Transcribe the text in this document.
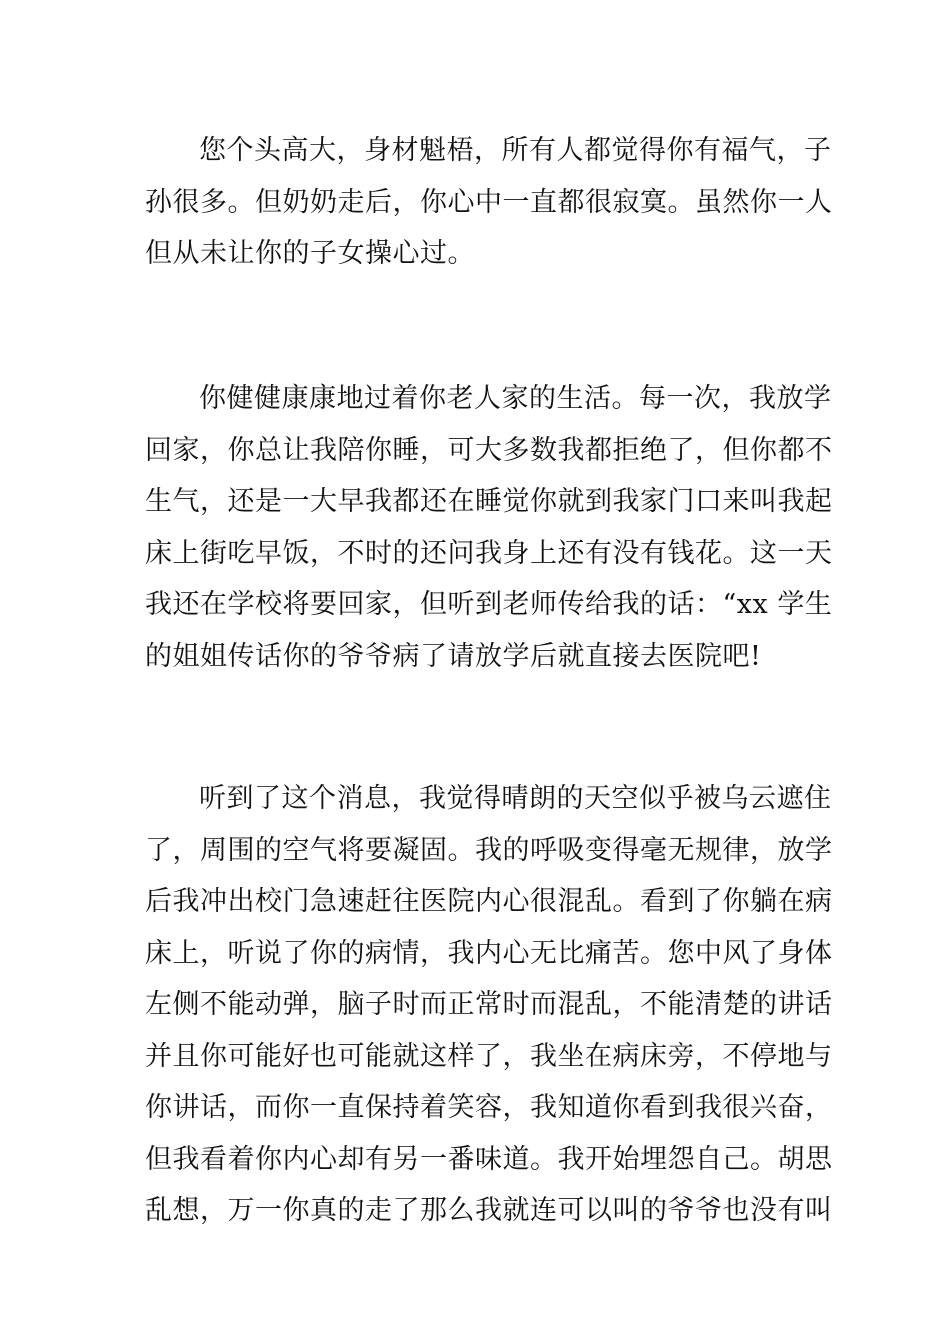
您个头高大，身材魁梧，所有人都觉得你有福气，子
孙很多。但奶奶走后，你心中一直都很寂寞。虽然你一人
但从未让你的子女操心过。

你健健康康地过着你老人家的生活。每一次，我放学
回家，你总让我陪你睡，可大多数我都拒绝了，但你都不
生气，还是一大早我都还在睡觉你就到我家门口来叫我起
床上街吃早饭，不时的还问我身上还有没有钱花。这一天
我还在学校将要回家，但听到老师传给我的话：“xx 学生
的姐姐传话你的爷爷病了请放学后就直接去医院吧!

听到了这个消息，我觉得晴朗的天空似乎被乌云遮住
了，周围的空气将要凝固。我的呼吸变得毫无规律，放学
后我冲出校门急速赶往医院内心很混乱。看到了你躺在病
床上，听说了你的病情，我内心无比痛苦。您中风了身体
左侧不能动弹，脑子时而正常时而混乱，不能清楚的讲话
并且你可能好也可能就这样了，我坐在病床旁，不停地与
你讲话，而你一直保持着笑容，我知道你看到我很兴奋，
但我看着你内心却有另一番味道。我开始埋怨自己。胡思
乱想，万一你真的走了那么我就连可以叫的爷爷也没有叫
